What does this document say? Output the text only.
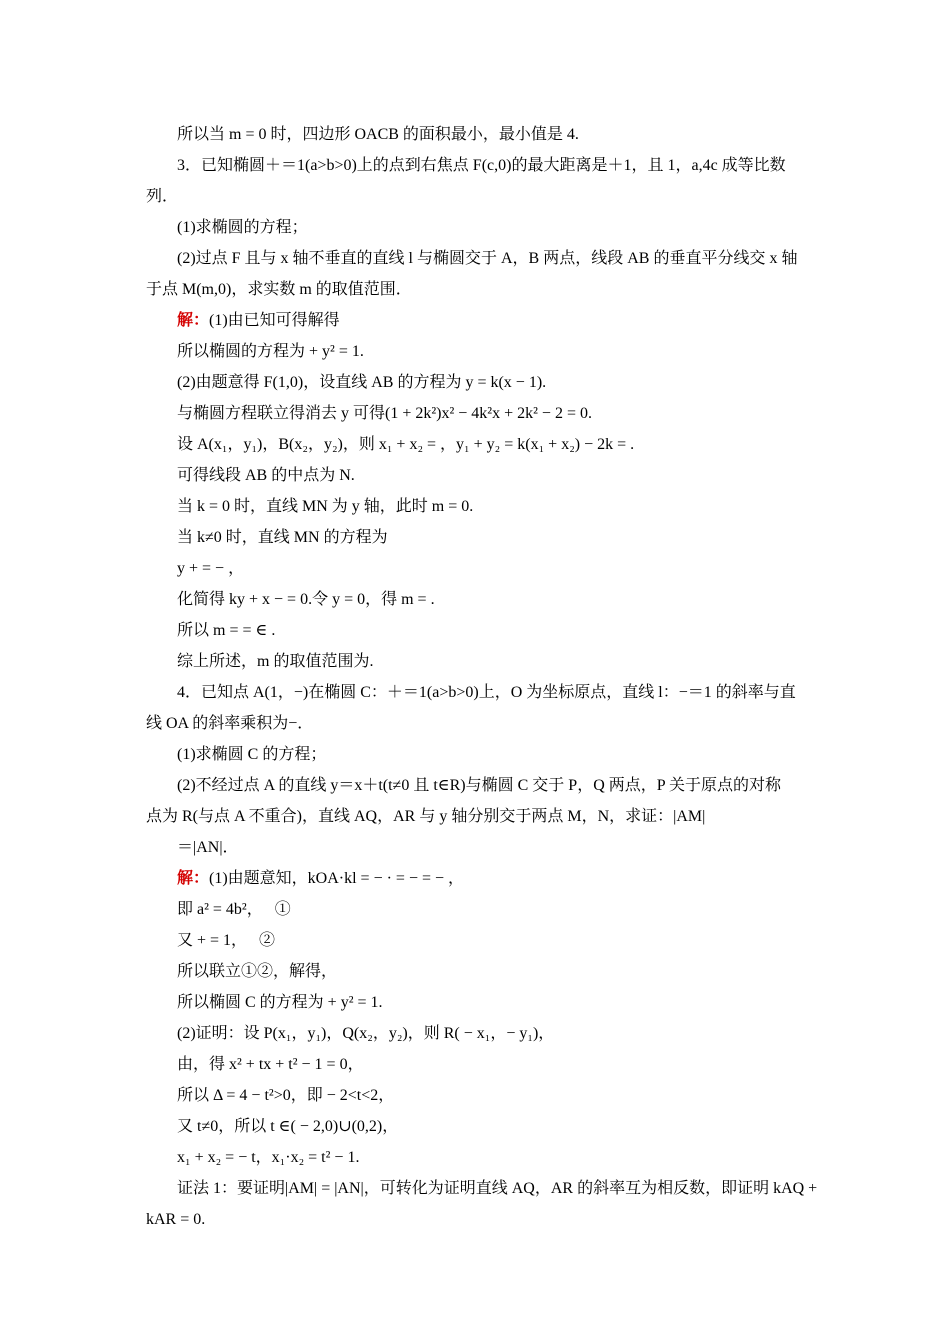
所以当 m = 0 时，四边形 OACB 的面积最小，最小值是 4.
3．已知椭圆＋＝1(a>b>0)上的点到右焦点 F(c,0)的最大距离是＋1，且 1，a,4c 成等比数
列．
(1)求椭圆的方程；
(2)过点 F 且与 x 轴不垂直的直线 l 与椭圆交于 A，B 两点，线段 AB 的垂直平分线交 x 轴
于点 M(m,0)，求实数 m 的取值范围．
解：(1)由已知可得解得
所以椭圆的方程为 + y² = 1.
(2)由题意得 F(1,0)，设直线 AB 的方程为 y = k(x − 1).
与椭圆方程联立得消去 y 可得(1 + 2k²)x² − 4k²x + 2k² − 2 = 0.
设 A(x₁，y₁)，B(x₂，y₂)，则 x₁ + x₂ = ，y₁ + y₂ = k(x₁ + x₂) − 2k = .
可得线段 AB 的中点为 N.
当 k = 0 时，直线 MN 为 y 轴，此时 m = 0.
当 k≠0 时，直线 MN 的方程为
y + = − ，
化简得 ky + x − = 0.令 y = 0，得 m = .
所以 m = = ∈ .
综上所述，m 的取值范围为.
4．已知点 A(1，−)在椭圆 C：＋＝1(a>b>0)上，O 为坐标原点，直线 l：−＝1 的斜率与直
线 OA 的斜率乘积为−．
(1)求椭圆 C 的方程；
(2)不经过点 A 的直线 y＝x＋t(t≠0 且 t∈R)与椭圆 C 交于 P，Q 两点，P 关于原点的对称
点为 R(与点 A 不重合)，直线 AQ，AR 与 y 轴分别交于两点 M，N，求证：|AM|
＝|AN|．
解：(1)由题意知，kOA·kl = − · = − = − ，
即 a² = 4b²，　 ①
又 + = 1，　 ②
所以联立①②，解得，
所以椭圆 C 的方程为 + y² = 1.
(2)证明：设 P(x₁，y₁)，Q(x₂，y₂)，则 R( − x₁，− y₁)，
由，得 x² + tx + t² − 1 = 0，
所以 Δ = 4 − t²>0，即 − 2<t<2，
又 t≠0，所以 t ∈( − 2,0)∪(0,2)，
x₁ + x₂ = − t，x₁·x₂ = t² − 1.
证法 1：要证明|AM| = |AN|，可转化为证明直线 AQ，AR 的斜率互为相反数，即证明 kAQ +
kAR = 0.
